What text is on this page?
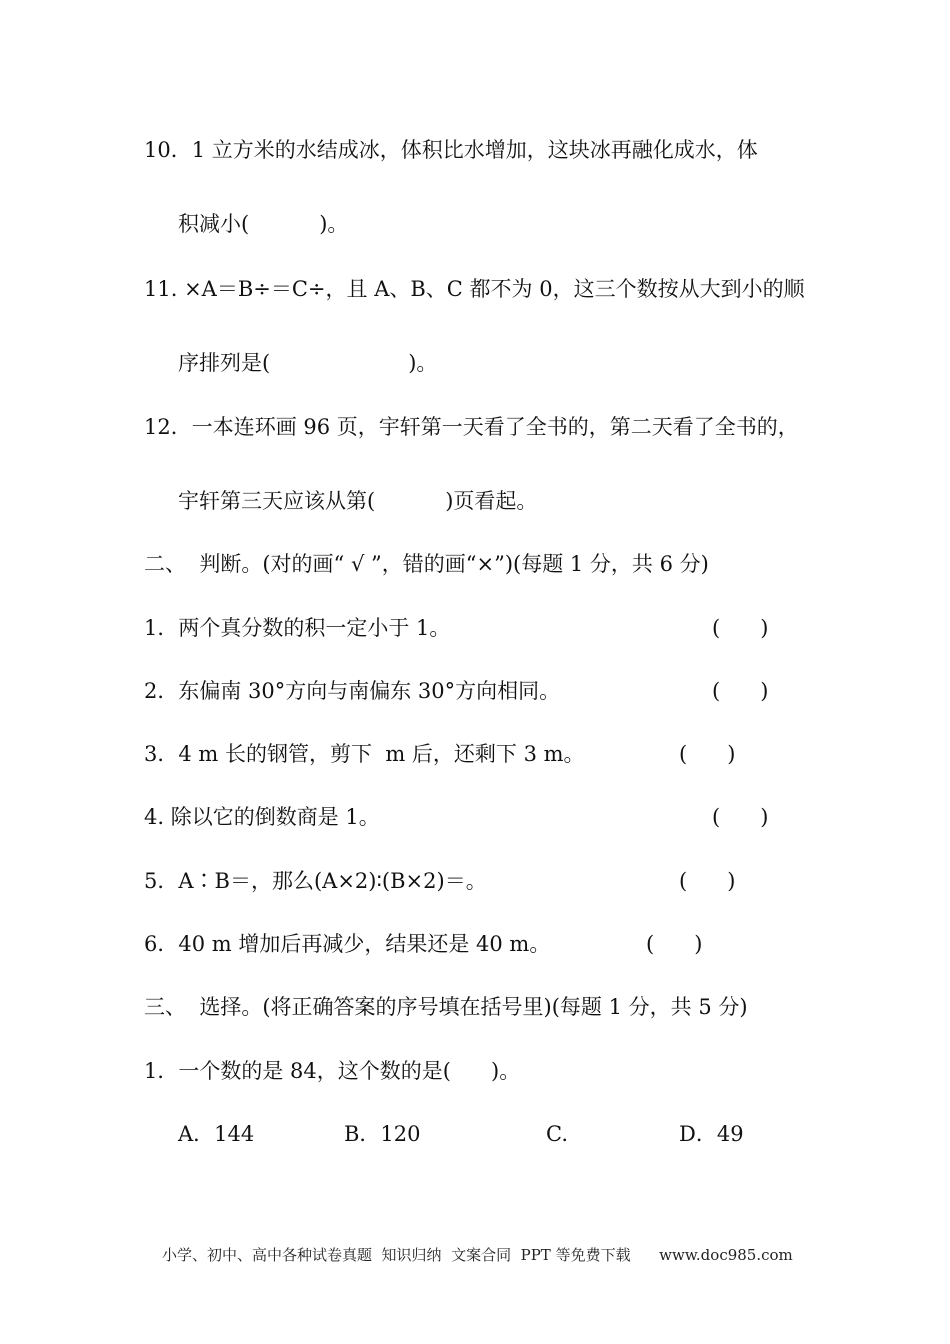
10．1 立方米的水结成冰，体积比水增加，这块冰再融化成水，体

积减小(	)。

11. ×A＝B÷＝C÷，且 A、B、C 都不为 0，这三个数按从大到小的顺

序排列是(	)。

12．一本连环画 96 页，宇轩第一天看了全书的，第二天看了全书的，

宇轩第三天应该从第(	)页看起。

二、  判断。(对的画“ √ ”，错的画“×”)(每题 1 分，共 6 分)

1．两个真分数的积一定小于 1。	(      )

2．东偏南 30°方向与南偏东 30°方向相同。	(      )

3．4 m 长的钢管，剪下  m 后，还剩下 3 m。	(      )

4. 除以它的倒数商是 1。	(      )

5．A∶B＝，那么(A×2)∶(B×2)＝。	(      )

6．40 m 增加后再减少，结果还是 40 m。	(      )

三、  选择。(将正确答案的序号填在括号里)(每题 1 分，共 5 分)

1．一个数的是 84，这个数的是(      )。

A．144	B．120	C.	D．49
小学、初中、高中各种试卷真题  知识归纳  文案合同  PPT 等免费下载      www.doc985.com
